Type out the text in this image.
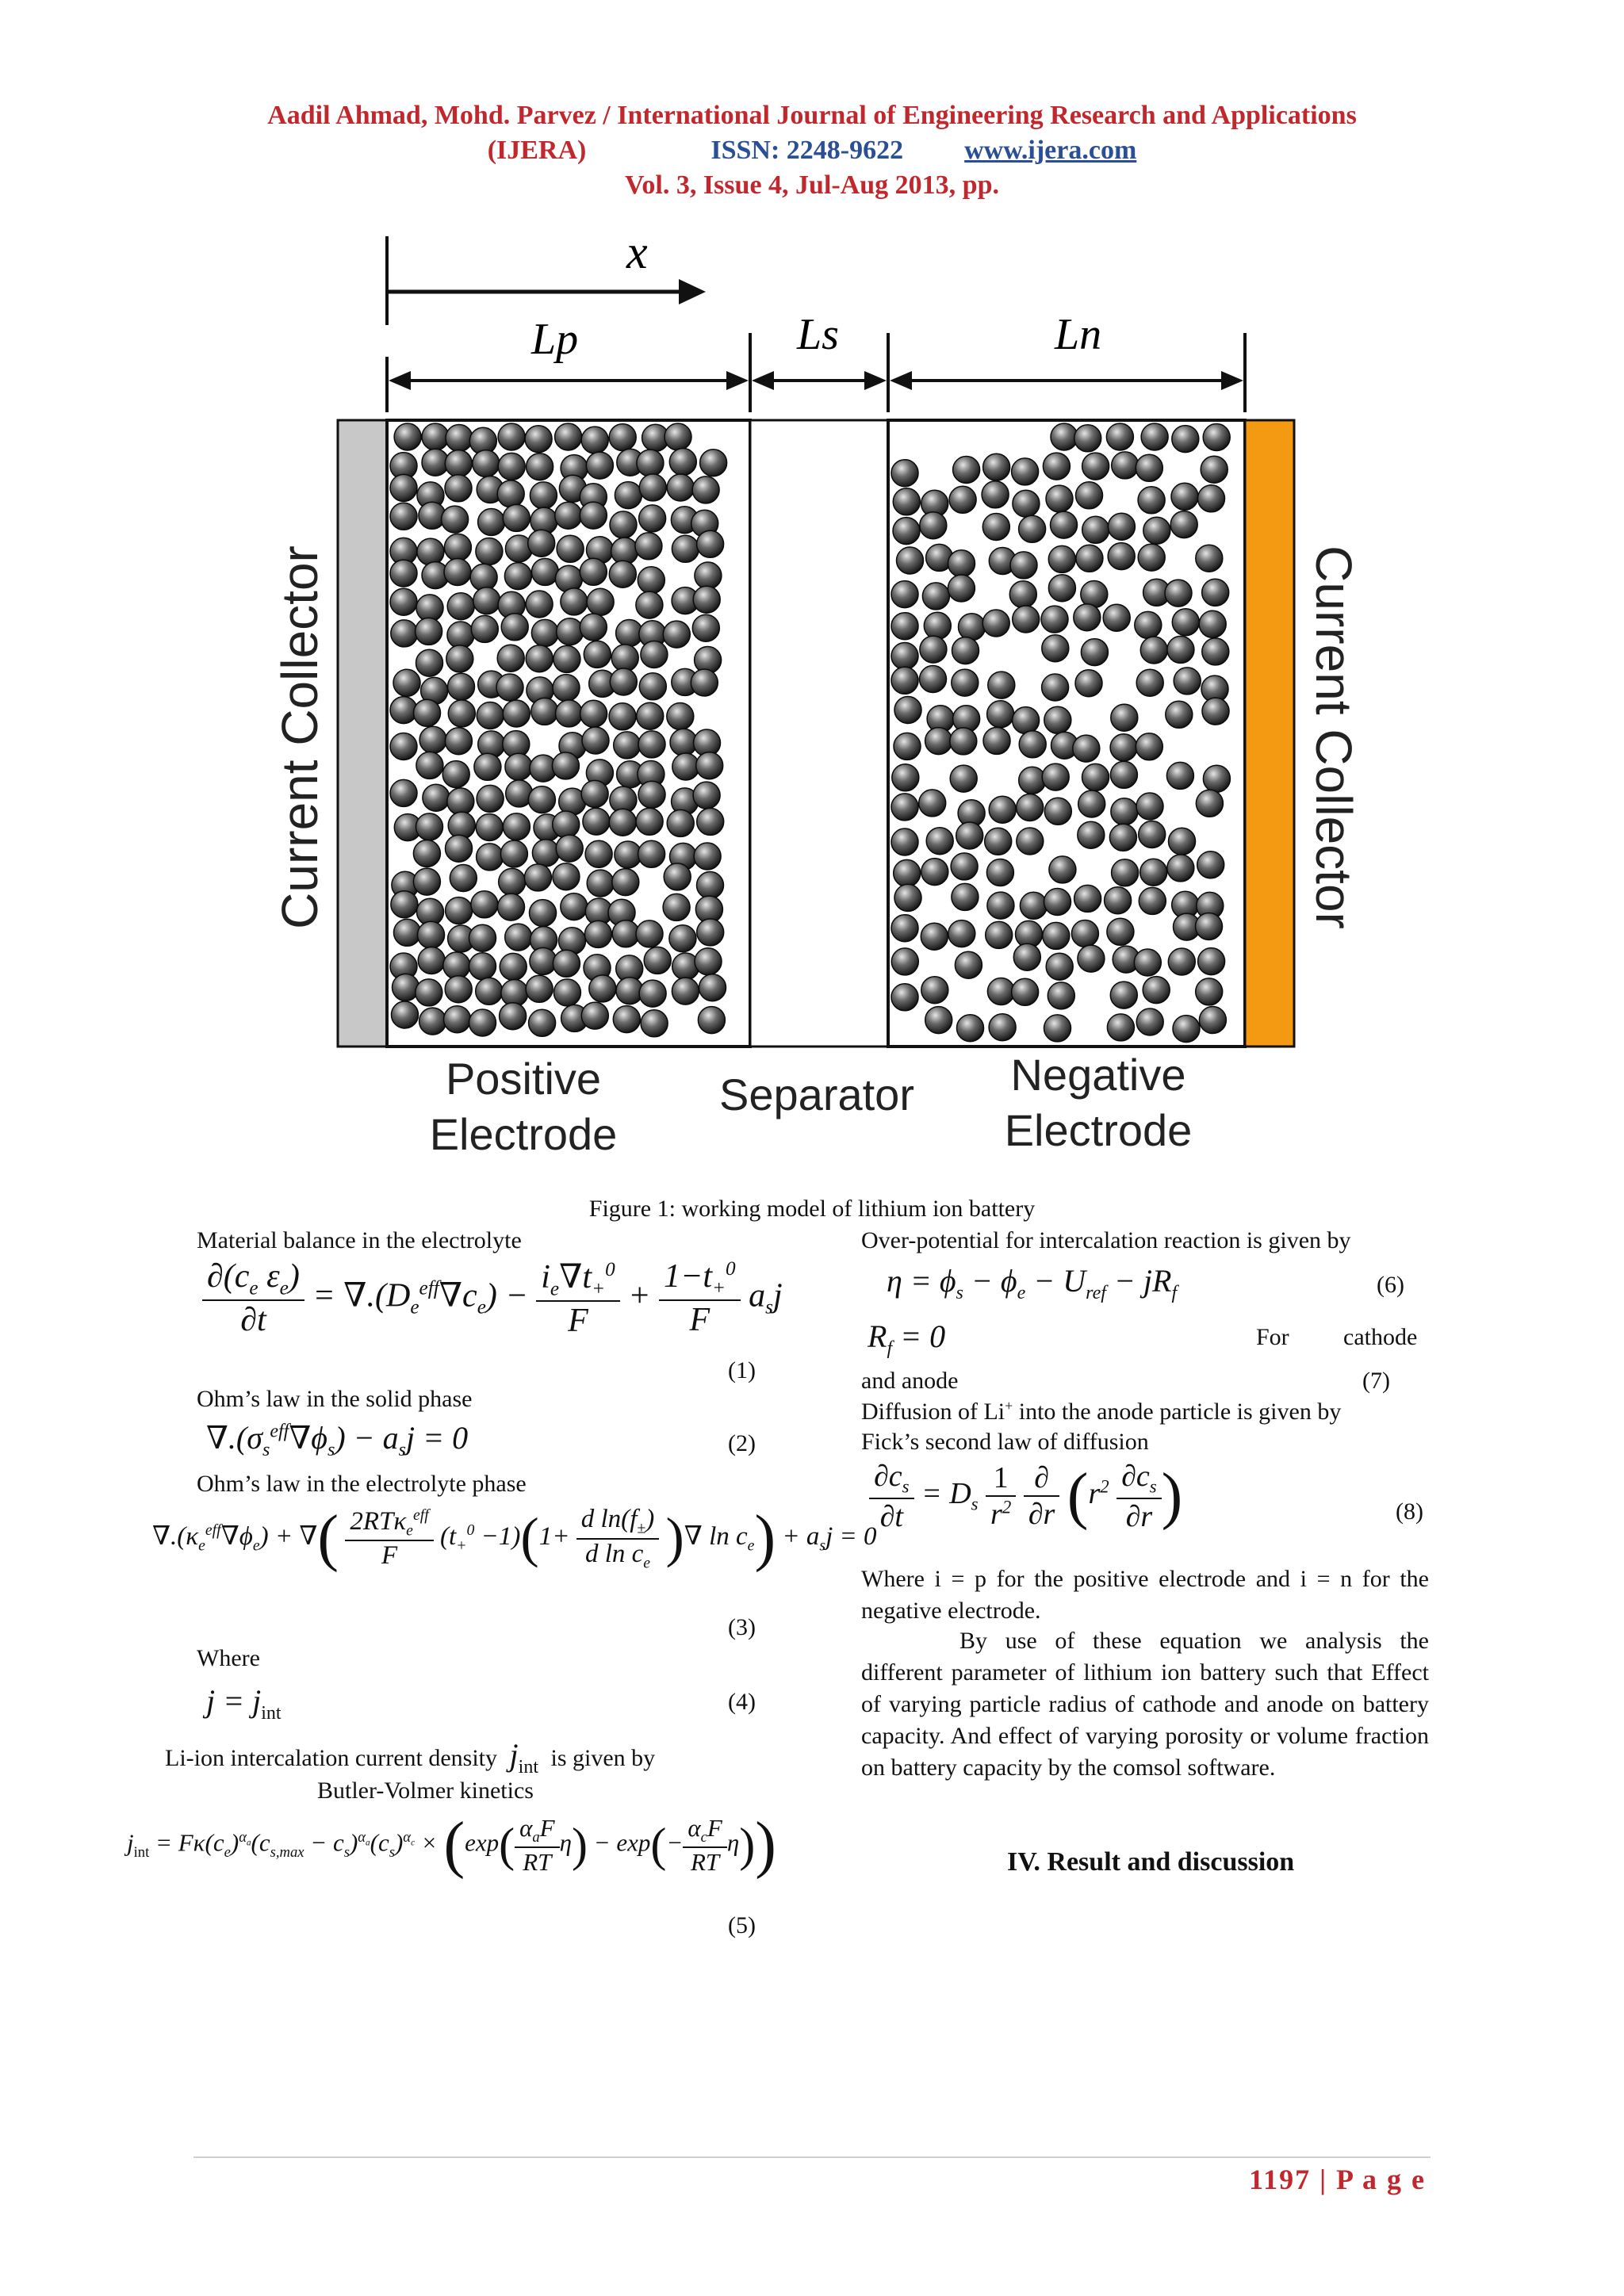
Aadil Ahmad, Mohd. Parvez / International Journal of Engineering Research and Applications
(IJERA)	ISSN: 2248-9622 www.ijera.com
Vol. 3, Issue 4, Jul-Aug 2013, pp.
x
Lp	Ls	Ln
Current Collector	Current Collector
Positive
Electrode
Separator Negative
Electrode
Figure 1: working model of lithium ion battery
Material balance in the electrolyte
$\frac{\partial(c_e \varepsilon_e)}{\partial t} = \nabla.(D_e^{eff}\nabla c_e) - \frac{i_e\nabla t_+^0}{F} + \frac{1-t_+^0}{F} a_sj$
(1)
Ohm’s law in the solid phase
$\nabla.(\sigma_s^{eff}\nabla\phi_s) - a_sj = 0$	(2)
Ohm’s law in the electrolyte phase
$\nabla.(\kappa_e^{eff}\nabla\phi_e)$ + ∇( $\frac{2RT\kappa_e^{eff}}{F} (t_+^0 -1)(1+ \frac{d \ln(f_\pm)}{d \ln c_e}$ )∇ $\ln c_e) + a_sj = 0$
(3)
Where
$j = j_{int}$	(4)
Li-ion intercalation current density $j_{int}$ is given by
Butler-Volmer kinetics
$j_{int} = F\kappa(c_e)^{\alpha_a}(c_{s,max} - c_s)^{\alpha_a}(c_s)^{\alpha_c} \times (\exp( \frac{\alpha_aF}{RT} \eta) - \exp(- \frac{\alpha_cF}{RT} \eta))$
(5)
Over-potential for intercalation reaction is given by
$\eta = \phi_s - \phi_e - U_{ref} - jR_f$	(6)
$R_f = 0$	For cathode
and anode	(7)
Diffusion of Li+ into the anode particle is given by
Fick’s second law of diffusion
$\frac{\partial c_s}{\partial t} = D_s \frac{1}{r^2}$
$\frac{\partial}{\partial r} (r^2 \frac{\partial c_s}{\partial r}$ )	(8)
Where i = p for the positive electrode and i = n for the negative electrode.
By use of these equation we analysis the different parameter of lithium ion battery such that Effect of varying particle radius of cathode and anode on battery capacity. And effect of varying porosity or volume fraction on battery capacity by the comsol software.
IV. Result and discussion
1197 | P a g e
